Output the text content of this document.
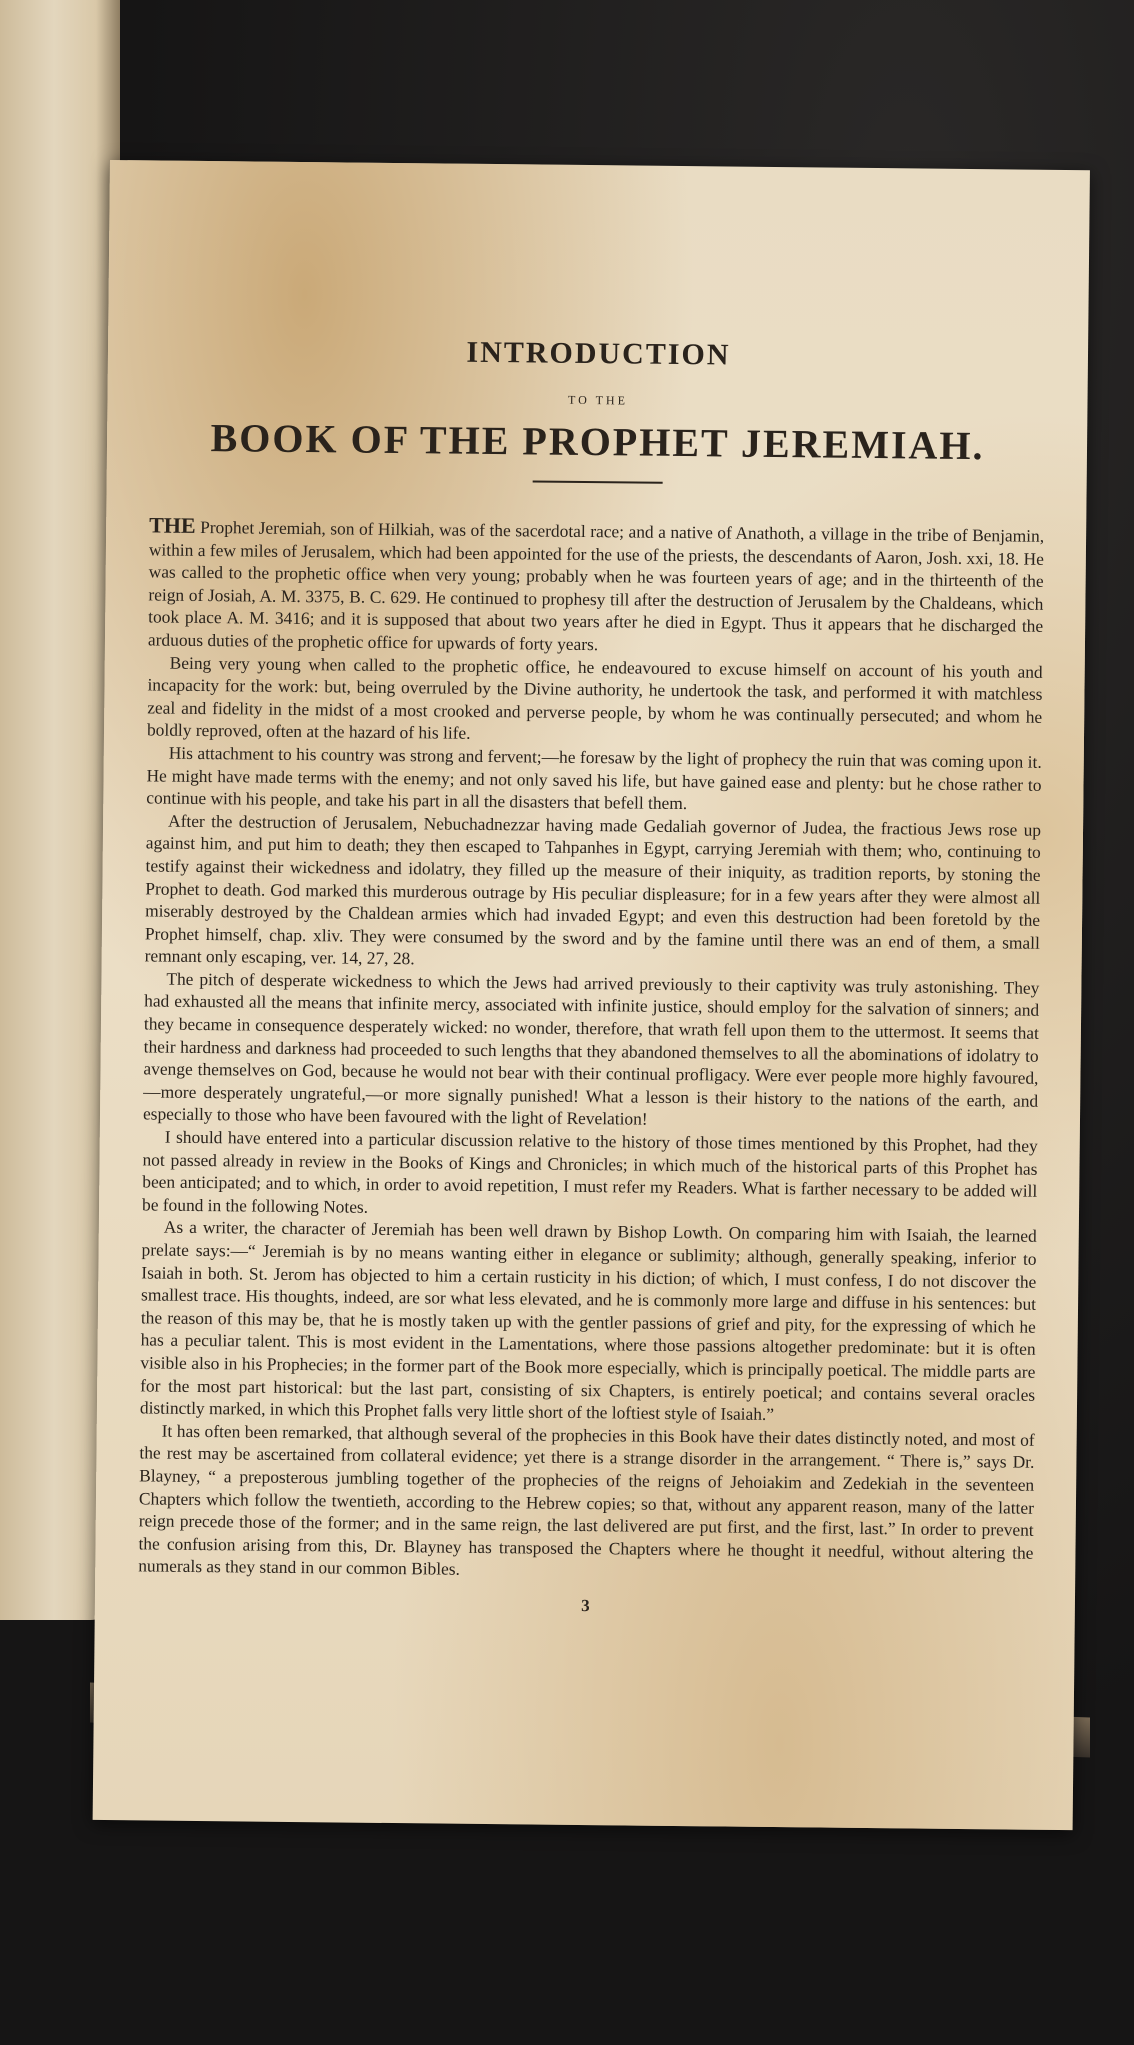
INTRODUCTION
TO THE
BOOK OF THE PROPHET JEREMIAH.

THE Prophet Jeremiah, son of Hilkiah, was of the sacerdotal race; and a native of Anathoth, a village in the tribe of Benjamin, within a few miles of Jerusalem, which had been appointed for the use of the priests, the descendants of Aaron, Josh. xxi, 18. He was called to the prophetic office when very young; probably when he was fourteen years of age; and in the thirteenth of the reign of Josiah, A. M. 3375, B. C. 629. He continued to prophesy till after the destruction of Jerusalem by the Chaldeans, which took place A. M. 3416; and it is supposed that about two years after he died in Egypt. Thus it appears that he discharged the arduous duties of the prophetic office for upwards of forty years.

Being very young when called to the prophetic office, he endeavoured to excuse himself on account of his youth and incapacity for the work: but, being overruled by the Divine authority, he undertook the task, and performed it with matchless zeal and fidelity in the midst of a most crooked and perverse people, by whom he was continually persecuted; and whom he boldly reproved, often at the hazard of his life.

His attachment to his country was strong and fervent;—he foresaw by the light of prophecy the ruin that was coming upon it. He might have made terms with the enemy; and not only saved his life, but have gained ease and plenty: but he chose rather to continue with his people, and take his part in all the disasters that befell them.

After the destruction of Jerusalem, Nebuchadnezzar having made Gedaliah governor of Judea, the fractious Jews rose up against him, and put him to death; they then escaped to Tahpanhes in Egypt, carrying Jeremiah with them; who, continuing to testify against their wickedness and idolatry, they filled up the measure of their iniquity, as tradition reports, by stoning the Prophet to death. God marked this murderous outrage by His peculiar displeasure; for in a few years after they were almost all miserably destroyed by the Chaldean armies which had invaded Egypt; and even this destruction had been foretold by the Prophet himself, chap. xliv. They were consumed by the sword and by the famine until there was an end of them, a small remnant only escaping, ver. 14, 27, 28.

The pitch of desperate wickedness to which the Jews had arrived previously to their captivity was truly astonishing. They had exhausted all the means that infinite mercy, associated with infinite justice, should employ for the salvation of sinners; and they became in consequence desperately wicked: no wonder, therefore, that wrath fell upon them to the uttermost. It seems that their hardness and darkness had proceeded to such lengths that they abandoned themselves to all the abominations of idolatry to avenge themselves on God, because he would not bear with their continual profligacy. Were ever people more highly favoured,—more desperately ungrateful,—or more signally punished! What a lesson is their history to the nations of the earth, and especially to those who have been favoured with the light of Revelation!

I should have entered into a particular discussion relative to the history of those times mentioned by this Prophet, had they not passed already in review in the Books of Kings and Chronicles; in which much of the historical parts of this Prophet has been anticipated; and to which, in order to avoid repetition, I must refer my Readers. What is farther necessary to be added will be found in the following Notes.

As a writer, the character of Jeremiah has been well drawn by Bishop Lowth. On comparing him with Isaiah, the learned prelate says:—“ Jeremiah is by no means wanting either in elegance or sublimity; although, generally speaking, inferior to Isaiah in both. St. Jerom has objected to him a certain rusticity in his diction; of which, I must confess, I do not discover the smallest trace. His thoughts, indeed, are sor what less elevated, and he is commonly more large and diffuse in his sentences: but the reason of this may be, that he is mostly taken up with the gentler passions of grief and pity, for the expressing of which he has a peculiar talent. This is most evident in the Lamentations, where those passions altogether predominate: but it is often visible also in his Prophecies; in the former part of the Book more especially, which is principally poetical. The middle parts are for the most part historical: but the last part, consisting of six Chapters, is entirely poetical; and contains several oracles distinctly marked, in which this Prophet falls very little short of the loftiest style of Isaiah.”

It has often been remarked, that although several of the prophecies in this Book have their dates distinctly noted, and most of the rest may be ascertained from collateral evidence; yet there is a strange disorder in the arrangement. “ There is,” says Dr. Blayney, “ a preposterous jumbling together of the prophecies of the reigns of Jehoiakim and Zedekiah in the seventeen Chapters which follow the twentieth, according to the Hebrew copies; so that, without any apparent reason, many of the latter reign precede those of the former; and in the same reign, the last delivered are put first, and the first, last.” In order to prevent the confusion arising from this, Dr. Blayney has transposed the Chapters where he thought it needful, without altering the numerals as they stand in our common Bibles.

3
